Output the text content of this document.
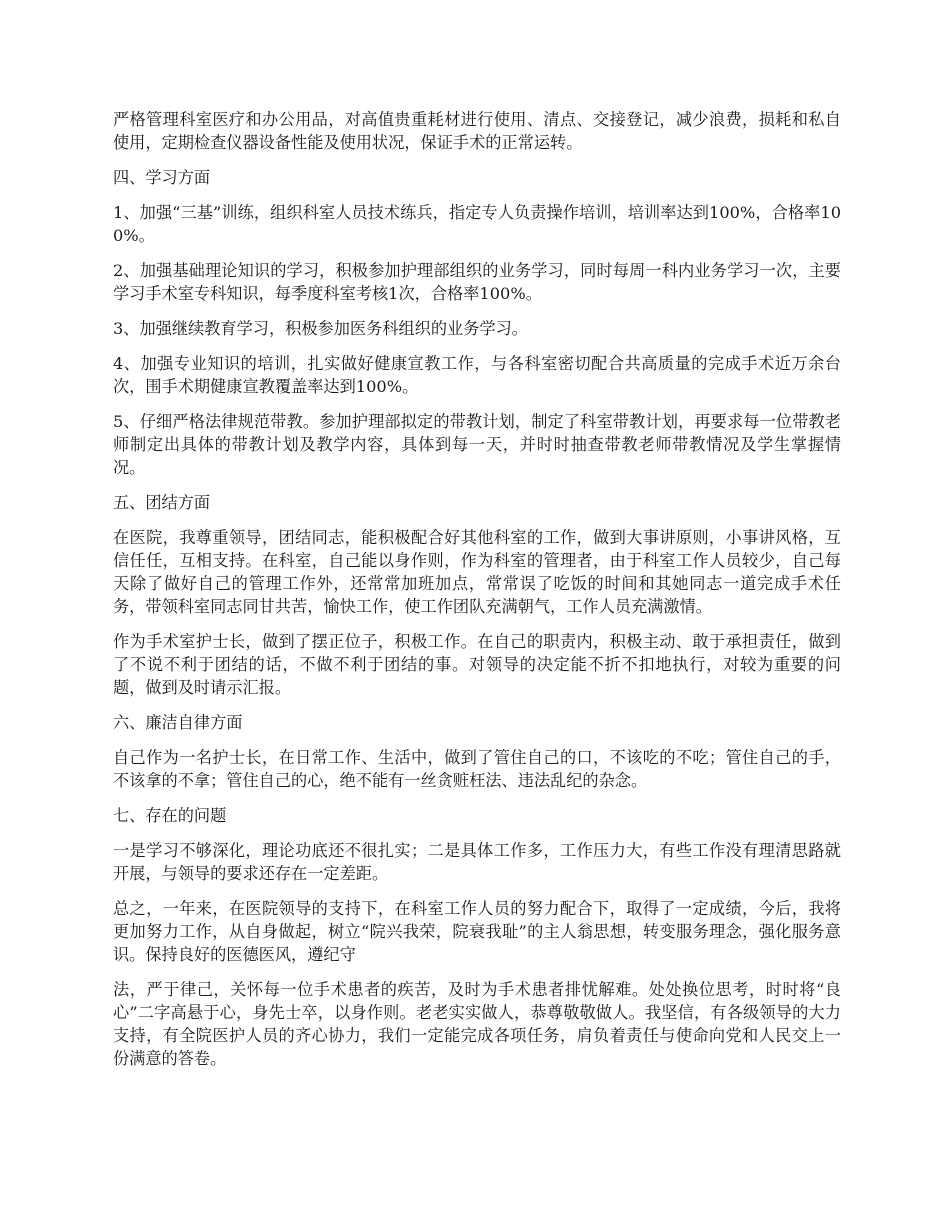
严格管理科室医疗和办公用品，对高值贵重耗材进行使用、清点、交接登记，减少浪费，损耗和私自使用，定期检查仪器设备性能及使用状况，保证手术的正常运转。

四、学习方面

1、加强“三基”训练，组织科室人员技术练兵，指定专人负责操作培训，培训率达到100%，合格率100%。

2、加强基础理论知识的学习，积极参加护理部组织的业务学习，同时每周一科内业务学习一次，主要学习手术室专科知识，每季度科室考核1次，合格率100%。

3、加强继续教育学习，积极参加医务科组织的业务学习。

4、加强专业知识的培训，扎实做好健康宣教工作，与各科室密切配合共高质量的完成手术近万余台次，围手术期健康宣教覆盖率达到100%。

5、仔细严格法律规范带教。参加护理部拟定的带教计划，制定了科室带教计划，再要求每一位带教老师制定出具体的带教计划及教学内容，具体到每一天，并时时抽查带教老师带教情况及学生掌握情况。

五、团结方面

在医院，我尊重领导，团结同志，能积极配合好其他科室的工作，做到大事讲原则，小事讲风格，互信任任，互相支持。在科室，自己能以身作则，作为科室的管理者，由于科室工作人员较少，自己每天除了做好自己的管理工作外，还常常加班加点，常常误了吃饭的时间和其她同志一道完成手术任务，带领科室同志同甘共苦，愉快工作，使工作团队充满朝气，工作人员充满激情。

作为手术室护士长，做到了摆正位子，积极工作。在自己的职责内，积极主动、敢于承担责任，做到了不说不利于团结的话，不做不利于团结的事。对领导的决定能不折不扣地执行，对较为重要的问题，做到及时请示汇报。

六、廉洁自律方面

自己作为一名护士长，在日常工作、生活中，做到了管住自己的口，不该吃的不吃；管住自己的手，不该拿的不拿；管住自己的心，绝不能有一丝贪赃枉法、违法乱纪的杂念。

七、存在的问题

一是学习不够深化，理论功底还不很扎实；二是具体工作多，工作压力大，有些工作没有理清思路就开展，与领导的要求还存在一定差距。

总之，一年来，在医院领导的支持下，在科室工作人员的努力配合下，取得了一定成绩，今后，我将更加努力工作，从自身做起，树立“院兴我荣，院衰我耻”的主人翁思想，转变服务理念，强化服务意识。保持良好的医德医风，遵纪守

法，严于律己，关怀每一位手术患者的疾苦，及时为手术患者排忧解难。处处换位思考，时时将“良心”二字高悬于心，身先士卒，以身作则。老老实实做人，恭尊敬敬做人。我坚信，有各级领导的大力支持，有全院医护人员的齐心协力，我们一定能完成各项任务，肩负着责任与使命向党和人民交上一份满意的答卷。
